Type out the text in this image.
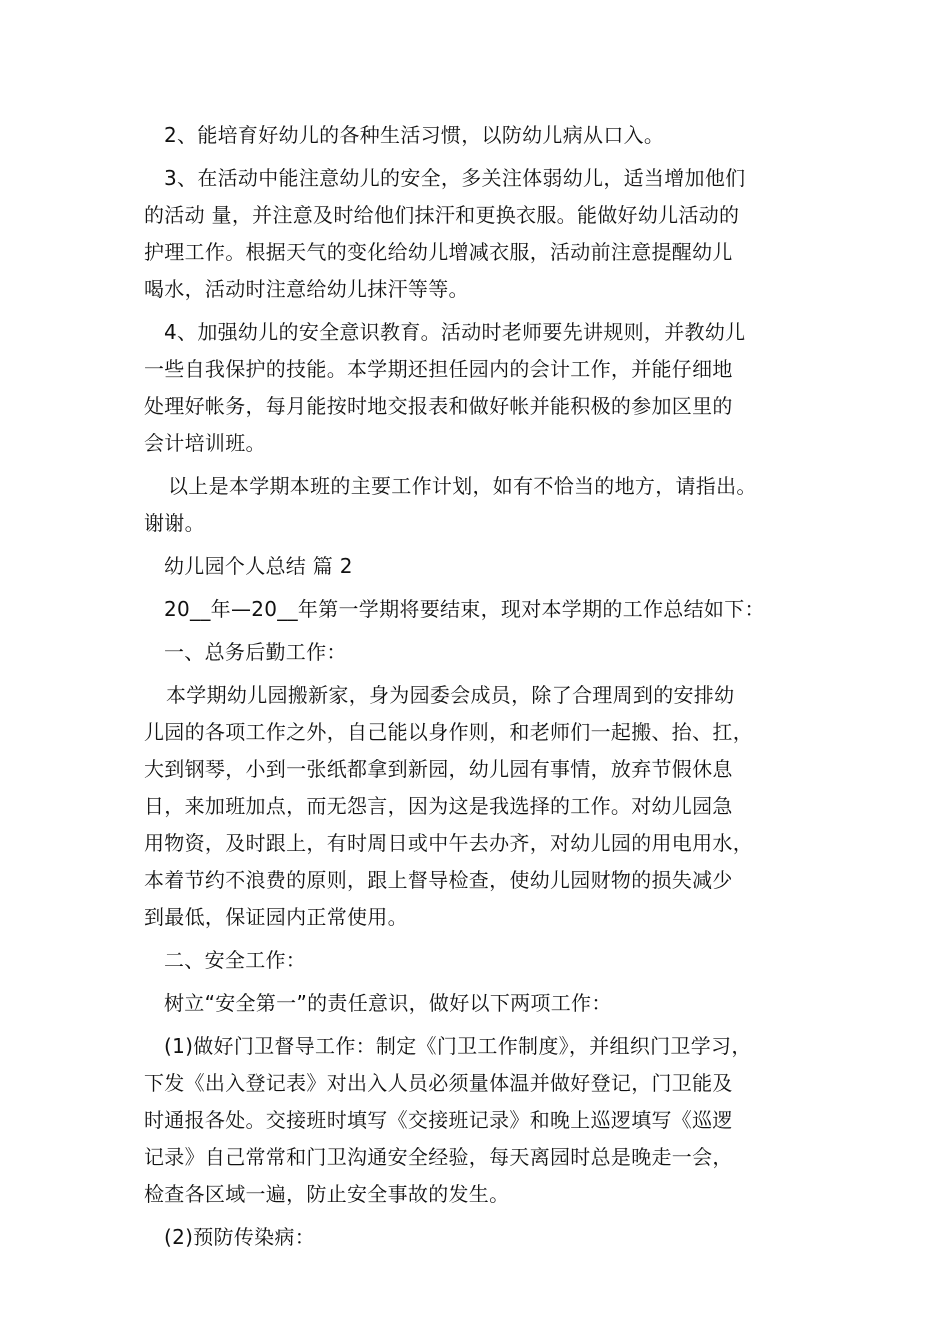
2、能培育好幼儿的各种生活习惯，以防幼儿病从口入。

3、在活动中能注意幼儿的安全，多关注体弱幼儿，适当增加他们
的活动 量，并注意及时给他们抹汗和更换衣服。能做好幼儿活动的
护理工作。根据天气的变化给幼儿增减衣服，活动前注意提醒幼儿
喝水，活动时注意给幼儿抹汗等等。

4、加强幼儿的安全意识教育。活动时老师要先讲规则，并教幼儿
一些自我保护的技能。本学期还担任园内的会计工作，并能仔细地
处理好帐务，每月能按时地交报表和做好帐并能积极的参加区里的
会计培训班。

以上是本学期本班的主要工作计划，如有不恰当的地方，请指出。
谢谢。

幼儿园个人总结 篇 2

20__年—20__年第一学期将要结束，现对本学期的工作总结如下：

一、总务后勤工作：

本学期幼儿园搬新家，身为园委会成员，除了合理周到的安排幼
儿园的各项工作之外，自己能以身作则，和老师们一起搬、抬、扛，
大到钢琴，小到一张纸都拿到新园，幼儿园有事情，放弃节假休息
日，来加班加点，而无怨言，因为这是我选择的工作。对幼儿园急
用物资，及时跟上，有时周日或中午去办齐，对幼儿园的用电用水，
本着节约不浪费的原则，跟上督导检查，使幼儿园财物的损失减少
到最低，保证园内正常使用。

二、安全工作：

树立“安全第一”的责任意识，做好以下两项工作：

(1)做好门卫督导工作：制定《门卫工作制度》，并组织门卫学习，
下发《出入登记表》对出入人员必须量体温并做好登记，门卫能及
时通报各处。交接班时填写《交接班记录》和晚上巡逻填写《巡逻
记录》自己常常和门卫沟通安全经验，每天离园时总是晚走一会，
检查各区域一遍，防止安全事故的发生。

(2)预防传染病：
